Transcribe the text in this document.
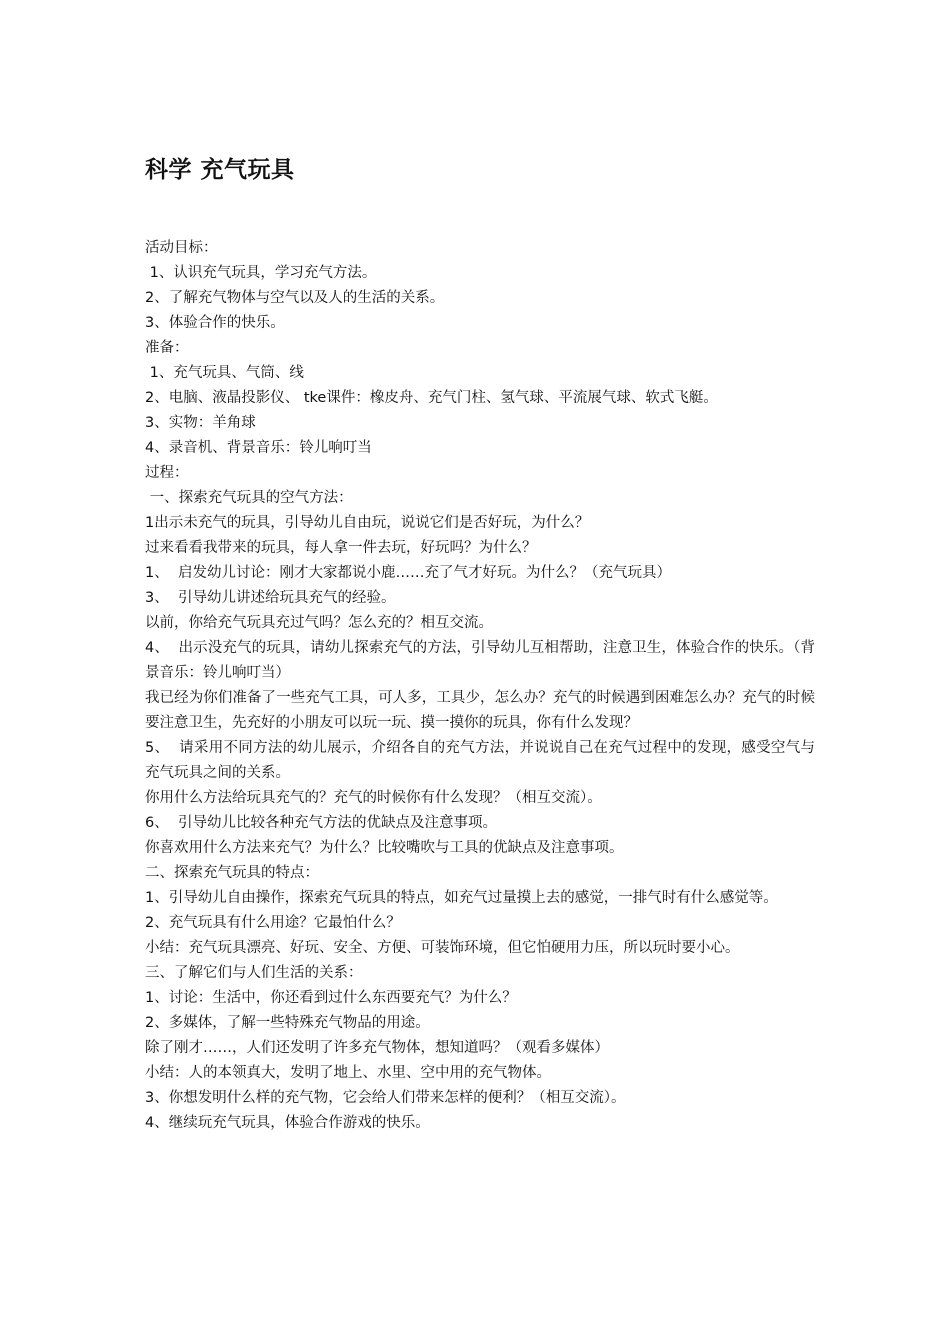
科学 充气玩具

活动目标：

1、认识充气玩具，学习充气方法。

2、了解充气物体与空气以及人的生活的关系。

3、体验合作的快乐。

准备：

1、充气玩具、气筒、线

2、电脑、液晶投影仪、 tke课件：橡皮舟、充气门柱、氢气球、平流展气球、软式飞艇。

3、实物：羊角球

4、录音机、背景音乐：铃儿响叮当

过程：

一、探索充气玩具的空气方法：

1出示未充气的玩具，引导幼儿自由玩，说说它们是否好玩，为什么？

过来看看我带来的玩具，每人拿一件去玩，好玩吗？为什么？

1、  启发幼儿讨论：刚才大家都说小鹿……充了气才好玩。为什么？（充气玩具）

3、  引导幼儿讲述给玩具充气的经验。

以前，你给充气玩具充过气吗？怎么充的？相互交流。

4、  出示没充气的玩具，请幼儿探索充气的方法，引导幼儿互相帮助，注意卫生，体验合作的快乐。（背景音乐：铃儿响叮当）

我已经为你们准备了一些充气工具，可人多，工具少，怎么办？充气的时候遇到困难怎么办？充气的时候要注意卫生，先充好的小朋友可以玩一玩、摸一摸你的玩具，你有什么发现？

5、  请采用不同方法的幼儿展示，介绍各自的充气方法，并说说自己在充气过程中的发现，感受空气与充气玩具之间的关系。

你用什么方法给玩具充气的？充气的时候你有什么发现？（相互交流）。

6、  引导幼儿比较各种充气方法的优缺点及注意事项。

你喜欢用什么方法来充气？为什么？比较嘴吹与工具的优缺点及注意事项。

二、探索充气玩具的特点：

1、引导幼儿自由操作，探索充气玩具的特点，如充气过量摸上去的感觉，一排气时有什么感觉等。

2、充气玩具有什么用途？它最怕什么？

小结：充气玩具漂亮、好玩、安全、方便、可装饰环境，但它怕硬用力压，所以玩时要小心。

三、了解它们与人们生活的关系：

1、讨论：生活中，你还看到过什么东西要充气？为什么？

2、多媒体，了解一些特殊充气物品的用途。

除了刚才……，人们还发明了许多充气物体，想知道吗？（观看多媒体）

小结：人的本领真大，发明了地上、水里、空中用的充气物体。

3、你想发明什么样的充气物，它会给人们带来怎样的便利？（相互交流）。

4、继续玩充气玩具，体验合作游戏的快乐。
